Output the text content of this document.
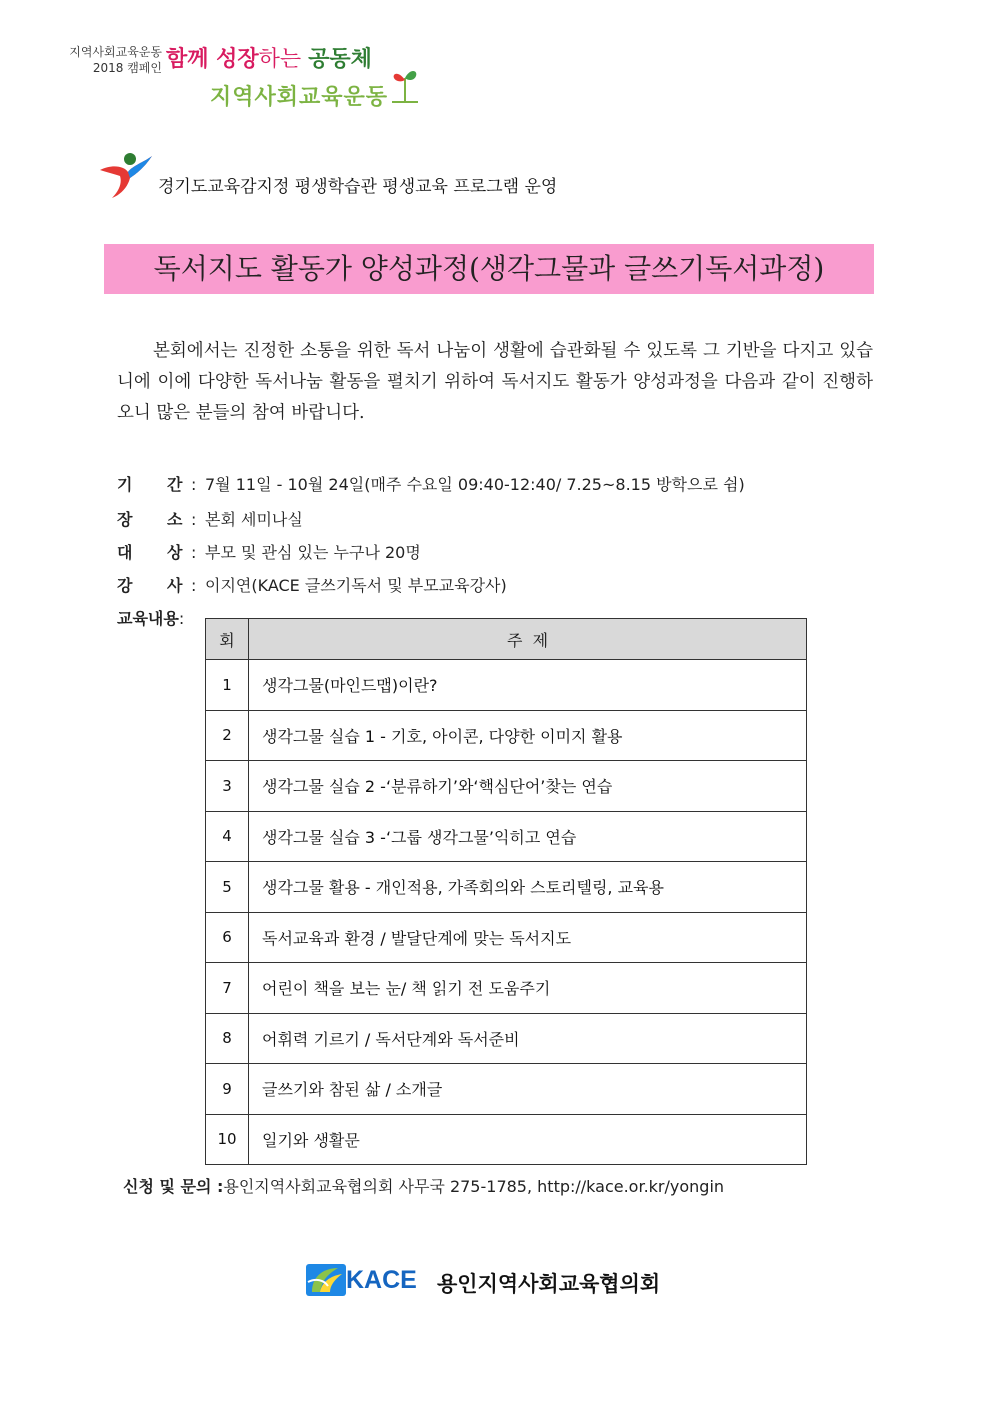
지역사회교육운동
2018 캠페인 함께 성장하는 공동체
지역사회교육운동
경기도교육감지정 평생학습관 평생교육 프로그램 운영
독서지도 활동가 양성과정(생각그물과 글쓰기독서과정)
본회에서는 진정한 소통을 위한 독서 나눔이 생활에 습관화될 수 있도록 그 기반을 다지고 있습니에 이에 다양한 독서나눔 활동을 펼치기 위하여 독서지도 활동가 양성과정을 다음과 같이 진행하오니 많은 분들의 참여 바랍니다.
기 간 : 7월 11일 - 10월 24일(매주 수요일 09:40-12:40/ 7.25~8.15 방학으로 쉼)
장 소 : 본회 세미나실
대 상 : 부모 및 관심 있는 누구나 20명
강 사 : 이지연(KACE 글쓰기독서 및 부모교육강사)
교육내용:
회	주  제
1	생각그물(마인드맵)이란?
2	생각그물 실습 1 - 기호, 아이콘, 다양한 이미지 활용
3	생각그물 실습 2 -‘분류하기’와‘핵심단어’찾는 연습
4	생각그물 실습 3 -‘그룹 생각그물’익히고 연습
5	생각그물 활용 - 개인적용, 가족회의와 스토리텔링, 교육용
6	독서교육과 환경 / 발달단계에 맞는 독서지도
7	어린이 책을 보는 눈/ 책 읽기 전 도움주기
8	어휘력 기르기 / 독서단계와 독서준비
9	글쓰기와 참된 삶 / 소개글
10	일기와 생활문
신청 및 문의 :용인지역사회교육협의회 사무국 275-1785, http://kace.or.kr/yongin
KACE 용인지역사회교육협의회
